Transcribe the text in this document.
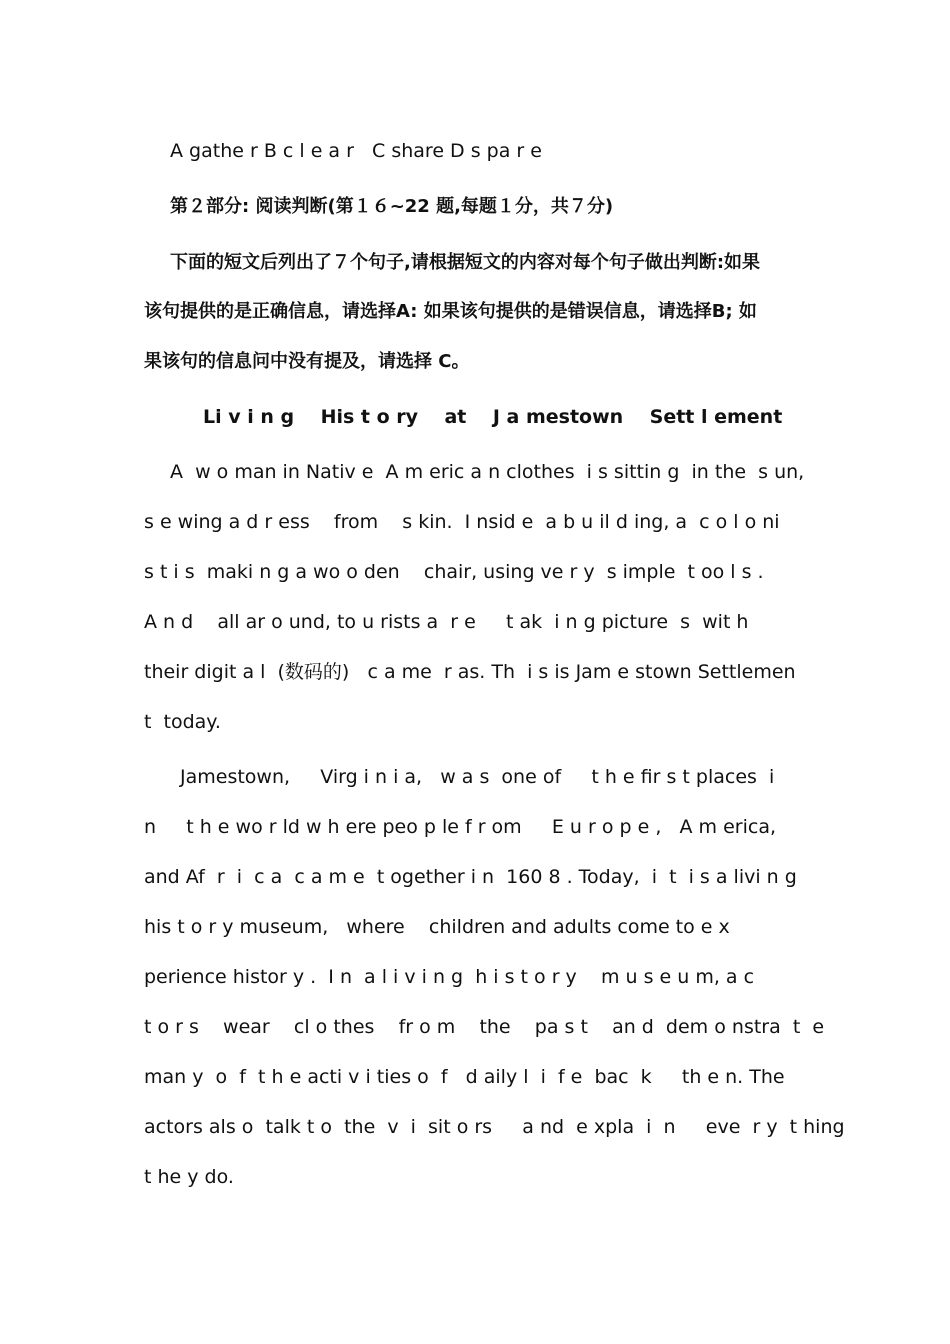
A gathe r B c l e a r   C share D s pa r e
第２部分: 阅读判断(第１６~22 题,每题１分，共７分)
下面的短文后列出了７个句子,请根据短文的内容对每个句子做出判断:如果
该句提供的是正确信息，请选择A: 如果该句提供的是错误信息，请选择B; 如
果该句的信息问中没有提及，请选择 C。
Li v i n g    His t o ry    at    J a mestown    Sett l ement
A  w o man in Nativ e  A m eric a n clothes  i s sittin g  in the  s un,
s e wing a d r ess    from    s kin.  I nsid e  a b u il d ing, a  c o l o ni
s t i s  maki n g a wo o den    chair, using ve r y  s imple  t oo l s .
A n d    all ar o und, to u rists a  r e     t ak  i n g picture  s  wit h
their digit a l  (数码的)   c a me  r as. Th  i s is Jam e stown Settlemen
t  today.
Jamestown,     Virg i n i a,   w a s  one of     t h e fir s t places  i
n     t h e wo r ld w h ere peo p le f r om     E u r o p e ,   A m erica,
and Af  r  i  c a  c a m e  t ogether i n  160 8 . Today,  i  t  i s a livi n g
his t o r y museum,   where    children and adults come to e x
perience histor y .  I n  a l i v i n g  h i s t o r y    m u s e u m, a c
t o r s    wear    cl o thes    fr o m    the    pa s t    an d  dem o nstra  t  e
man y  o  f  t h e acti v i ties o  f   d aily l  i  f e  bac  k     th e n. The
actors als o  talk t o  the  v  i  sit o rs     a nd  e xpla  i  n     eve  r y  t hing
t he y do.
